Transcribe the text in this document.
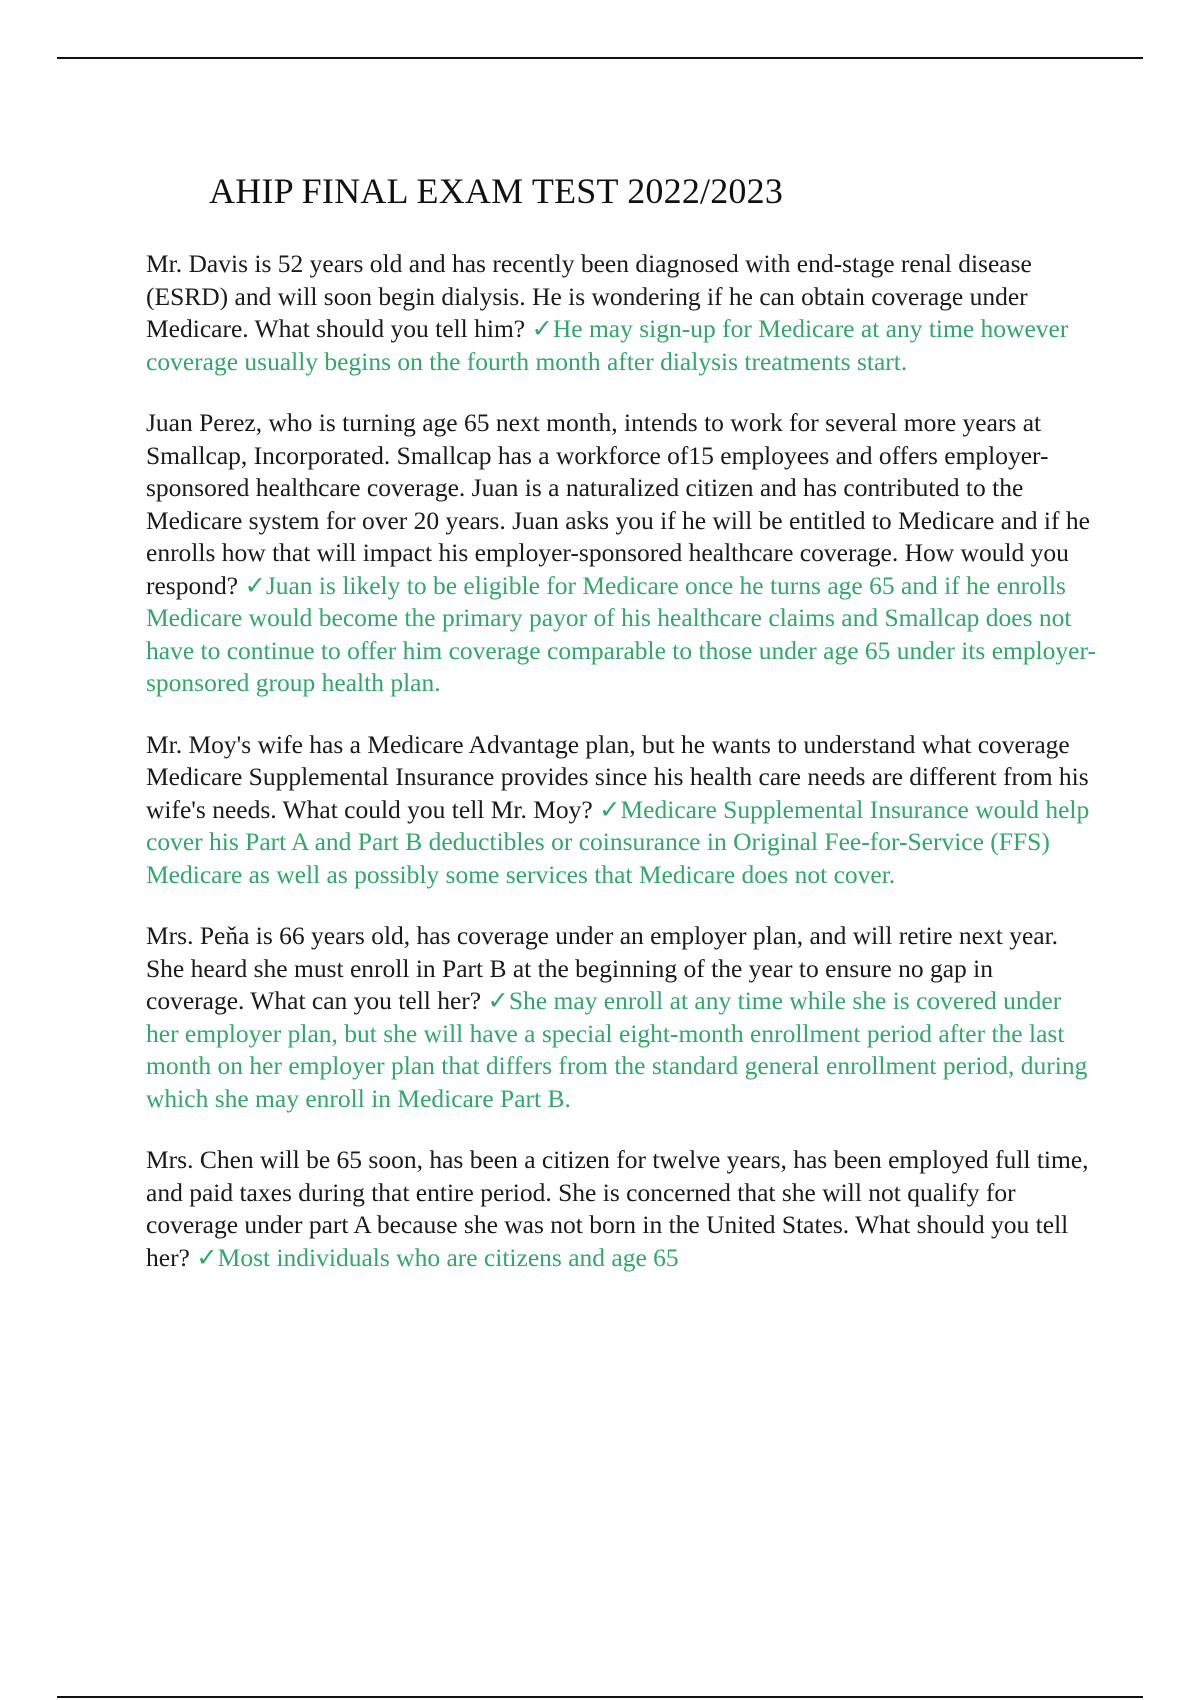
AHIP FINAL EXAM TEST 2022/2023

Mr. Davis is 52 years old and has recently been diagnosed with end-stage renal disease (ESRD) and will soon begin dialysis. He is wondering if he can obtain coverage under Medicare. What should you tell him? ✓He may sign-up for Medicare at any time however coverage usually begins on the fourth month after dialysis treatments start.

Juan Perez, who is turning age 65 next month, intends to work for several more years at Smallcap, Incorporated. Smallcap has a workforce of15 employees and offers employer-sponsored healthcare coverage. Juan is a naturalized citizen and has contributed to the Medicare system for over 20 years. Juan asks you if he will be entitled to Medicare and if he enrolls how that will impact his employer-sponsored healthcare coverage. How would you respond? ✓Juan is likely to be eligible for Medicare once he turns age 65 and if he enrolls Medicare would become the primary payor of his healthcare claims and Smallcap does not have to continue to offer him coverage comparable to those under age 65 under its employer-sponsored group health plan.

Mr. Moy's wife has a Medicare Advantage plan, but he wants to understand what coverage Medicare Supplemental Insurance provides since his health care needs are different from his wife's needs. What could you tell Mr. Moy? ✓Medicare Supplemental Insurance would help cover his Part A and Part B deductibles or coinsurance in Original Fee-for-Service (FFS) Medicare as well as possibly some services that Medicare does not cover.

Mrs. Peňa is 66 years old, has coverage under an employer plan, and will retire next year. She heard she must enroll in Part B at the beginning of the year to ensure no gap in coverage. What can you tell her? ✓She may enroll at any time while she is covered under her employer plan, but she will have a special eight-month enrollment period after the last month on her employer plan that differs from the standard general enrollment period, during which she may enroll in Medicare Part B.

Mrs. Chen will be 65 soon, has been a citizen for twelve years, has been employed full time, and paid taxes during that entire period. She is concerned that she will not qualify for coverage under part A because she was not born in the United States. What should you tell her? ✓Most individuals who are citizens and age 65
